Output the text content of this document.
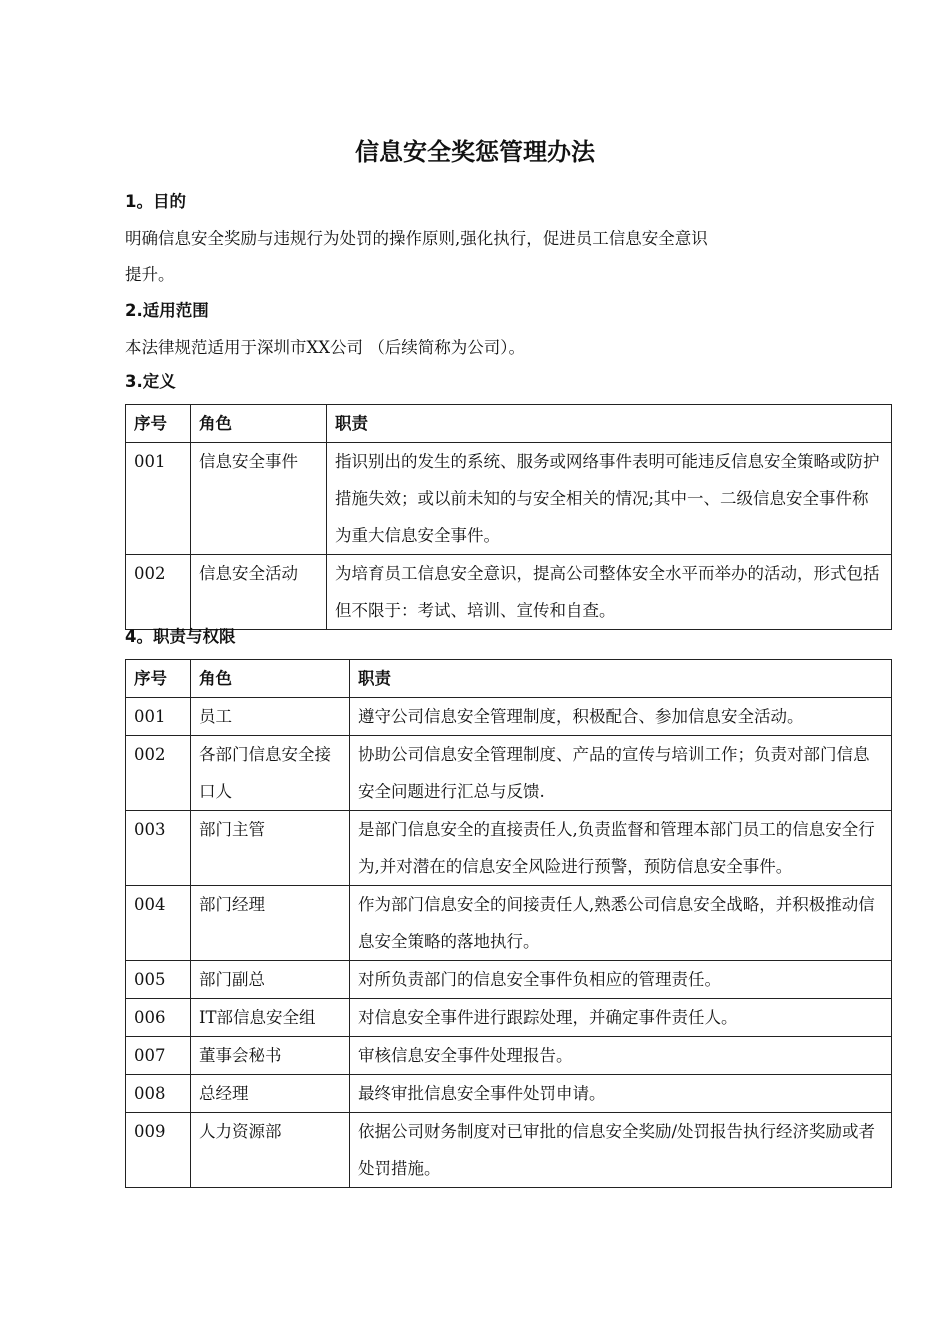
信息安全奖惩管理办法
1。目的
明确信息安全奖励与违规行为处罚的操作原则,强化执行，促进员工信息安全意识
提升。
2.适用范围
本法律规范适用于深圳市XX公司 （后续简称为公司）。
3.定义
序号	角色	职责
001	信息安全事件	指识别出的发生的系统、服务或网络事件表明可能违反信息安全策略或防护措施失效；或以前未知的与安全相关的情况;其中一、二级信息安全事件称为重大信息安全事件。
002	信息安全活动	为培育员工信息安全意识，提高公司整体安全水平而举办的活动，形式包括但不限于：考试、培训、宣传和自查。
4。职责与权限
序号	角色	职责
001	员工	遵守公司信息安全管理制度，积极配合、参加信息安全活动。
002	各部门信息安全接口人	协助公司信息安全管理制度、产品的宣传与培训工作；负责对部门信息安全问题进行汇总与反馈.
003	部门主管	是部门信息安全的直接责任人,负责监督和管理本部门员工的信息安全行为,并对潜在的信息安全风险进行预警，预防信息安全事件。
004	部门经理	作为部门信息安全的间接责任人,熟悉公司信息安全战略，并积极推动信息安全策略的落地执行。
005	部门副总	对所负责部门的信息安全事件负相应的管理责任。
006	IT部信息安全组	对信息安全事件进行跟踪处理，并确定事件责任人。
007	董事会秘书	审核信息安全事件处理报告。
008	总经理	最终审批信息安全事件处罚申请。
009	人力资源部	依据公司财务制度对已审批的信息安全奖励/处罚报告执行经济奖励或者处罚措施。
